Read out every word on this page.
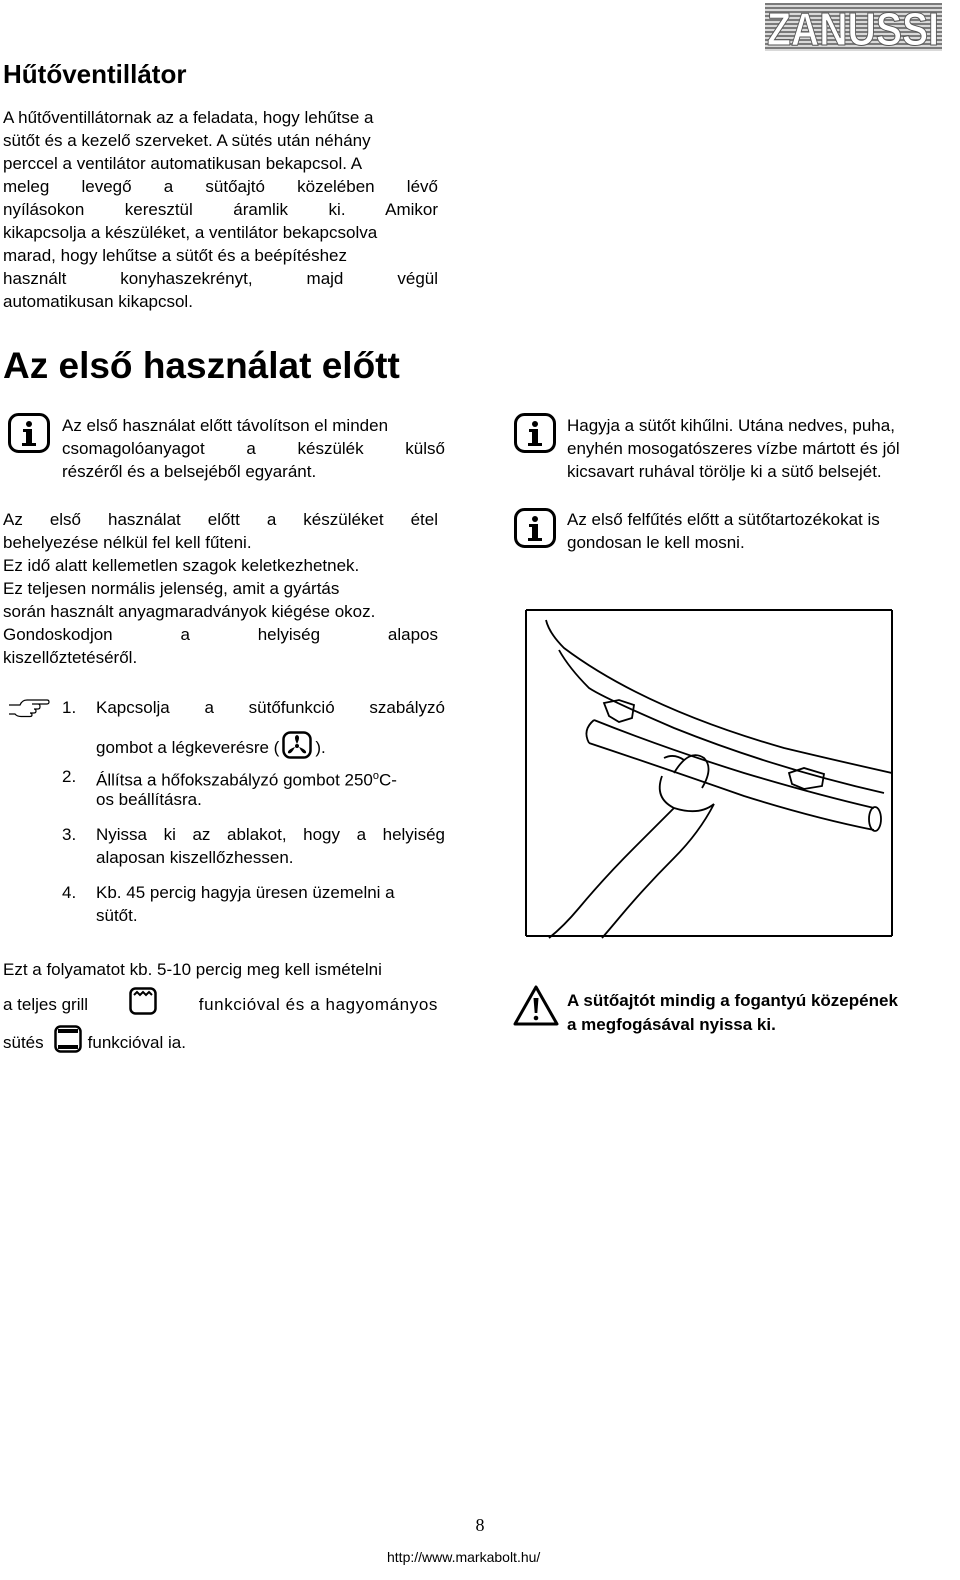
ZANUSSI
Hűtőventillátor

A hűtőventillátornak az a feladata, hogy lehűtse a

sütőt és a kezelő szerveket. A sütés után néhány

perccel a ventilátor automatikusan bekapcsol. A

meleg levegő a sütőajtó közelében lévő

nyílásokon keresztül áramlik ki. Amikor

kikapcsolja a készüléket, a ventilátor bekapcsolva

marad, hogy lehűtse a sütőt és a beépítéshez

használt konyhaszekrényt, majd végül

automatikusan kikapcsol.

Az első használat előtt

Az első használat előtt távolítson el minden

csomagolóanyagot a készülék külső

részéről és a belsejéből egyaránt.

Az első használat előtt a készüléket étel

behelyezése nélkül fel kell fűteni.

Ez idő alatt kellemetlen szagok keletkezhetnek.

Ez teljesen normális jelenség, amit a gyártás

során használt anyagmaradványok kiégése okoz.

Gondoskodjon a helyiség alapos

kiszellőztetéséről.

1. Kapcsolja a sütőfunkció szabályzó
gombot a légkeverésre ( ).
2. Állítsa a hőfokszabályzó gombot 250$^o$C-
os beállításra.
3. Nyissa ki az ablakot, hogy a helyiség
alaposan kiszellőzhessen.
4. Kb. 45 percig hagyja üresen üzemelni a
sütőt.
Ezt a folyamatot kb. 5-10 percig meg kell ismételni
a teljes grill	funkcióval és a hagyományos
sütés	funkcióval ia.

Hagyja a sütőt kihűlni. Utána nedves, puha,

enyhén mosogatószeres vízbe mártott és jól

kicsavart ruhával törölje ki a sütő belsejét.

Az első felfűtés előtt a sütőtartozékokat is

gondosan le kell mosni.

A sütőajtót mindig a fogantyú közepének
a megfogásával nyissa ki.
8
http://www.markabolt.hu/
